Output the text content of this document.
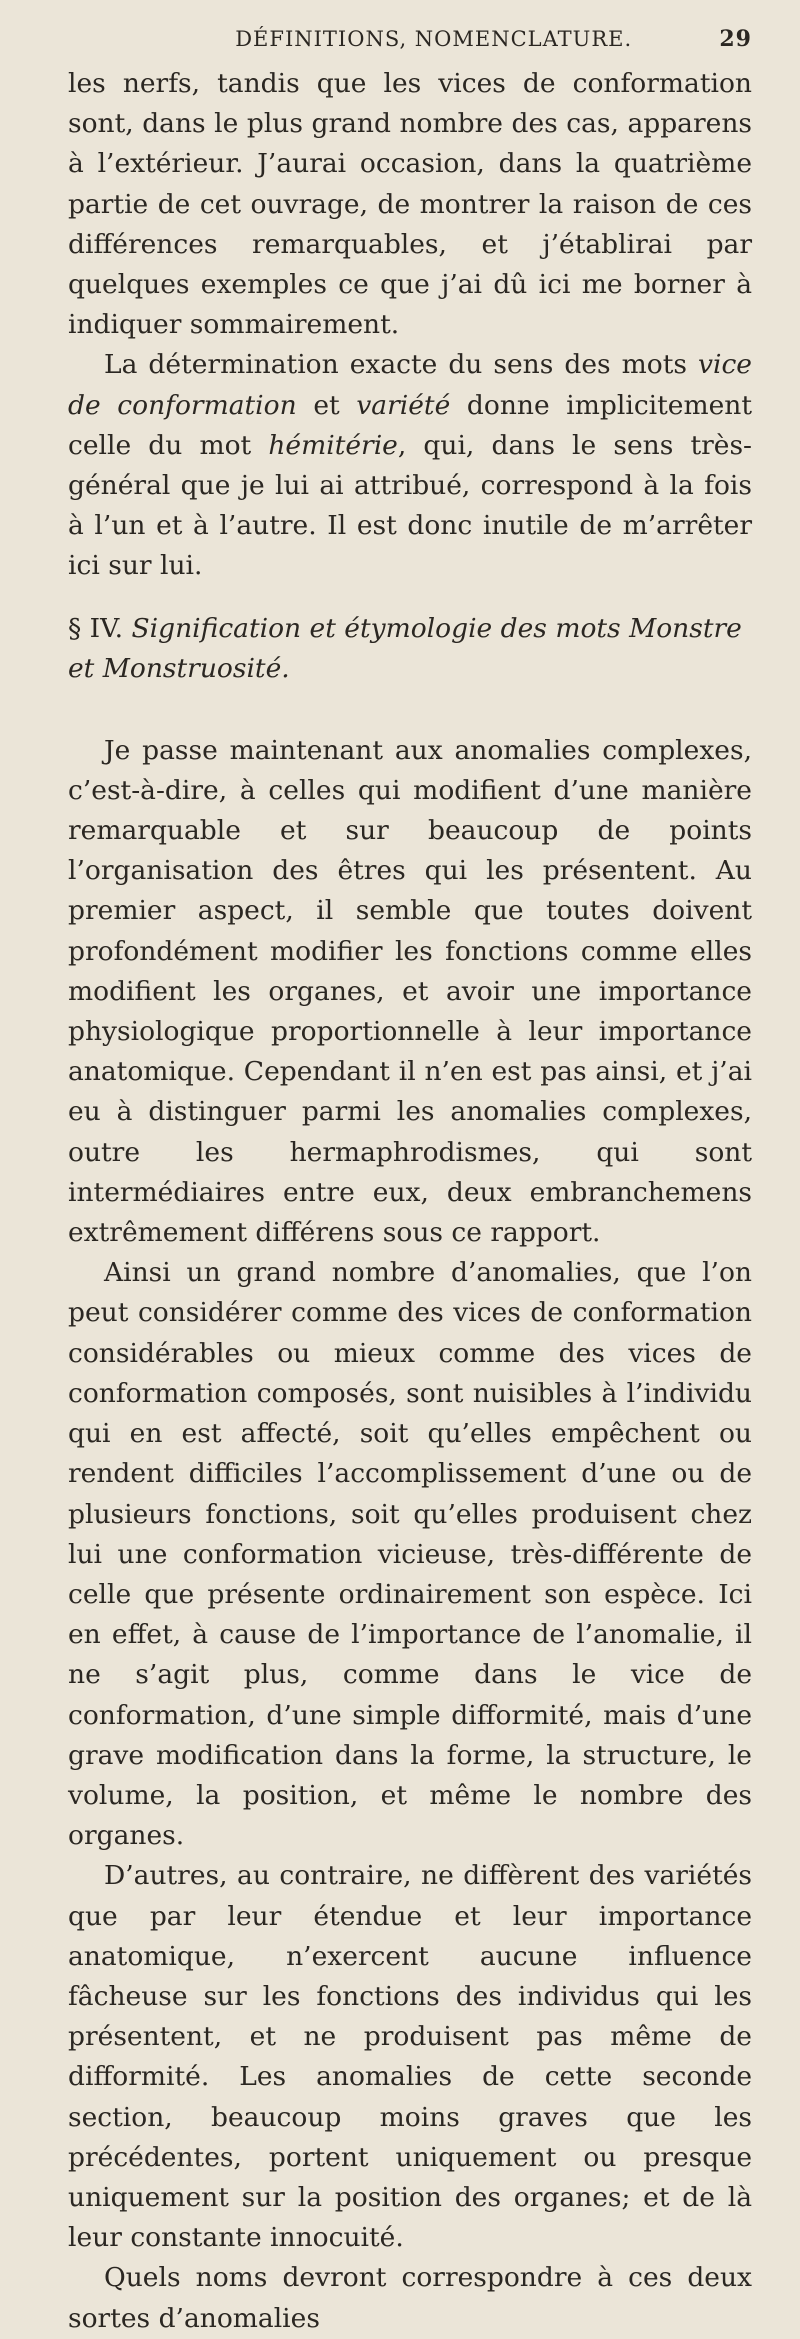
DÉFINITIONS, NOMENCLATURE.	29

les nerfs, tandis que les vices de conformation sont, dans le plus grand nombre des cas, apparens à l’extérieur. J’aurai occasion, dans la quatrième partie de cet ouvrage, de montrer la raison de ces différences remarquables, et j’établirai par quelques exemples ce que j’ai dû ici me borner à indiquer sommairement.

La détermination exacte du sens des mots vice de conformation et variété donne implicitement celle du mot hémitérie, qui, dans le sens très-général que je lui ai attribué, correspond à la fois à l’un et à l’autre. Il est donc inutile de m’arrêter ici sur lui.

§ IV. Signification et étymologie des mots Monstre et Monstruosité.

Je passe maintenant aux anomalies complexes, c’est-à-dire, à celles qui modifient d’une manière remarquable et sur beaucoup de points l’organisation des êtres qui les présentent. Au premier aspect, il semble que toutes doivent profondément modifier les fonctions comme elles modifient les organes, et avoir une importance physiologique proportionnelle à leur importance anatomique. Cependant il n’en est pas ainsi, et j’ai eu à distinguer parmi les anomalies complexes, outre les hermaphrodismes, qui sont intermédiaires entre eux, deux embranchemens extrêmement différens sous ce rapport.

Ainsi un grand nombre d’anomalies, que l’on peut considérer comme des vices de conformation considérables ou mieux comme des vices de conformation composés, sont nuisibles à l’individu qui en est affecté, soit qu’elles empêchent ou rendent difficiles l’accomplissement d’une ou de plusieurs fonctions, soit qu’elles produisent chez lui une conformation vicieuse, très-différente de celle que présente ordinairement son espèce. Ici en effet, à cause de l’importance de l’anomalie, il ne s’agit plus, comme dans le vice de conformation, d’une simple difformité, mais d’une grave modification dans la forme, la structure, le volume, la position, et même le nombre des organes.

D’autres, au contraire, ne diffèrent des variétés que par leur étendue et leur importance anatomique, n’exercent aucune influence fâcheuse sur les fonctions des individus qui les présentent, et ne produisent pas même de difformité. Les anomalies de cette seconde section, beaucoup moins graves que les précédentes, portent uniquement ou presque uniquement sur la position des organes; et de là leur constante innocuité.

Quels noms devront correspondre à ces deux sortes d’anomalies
